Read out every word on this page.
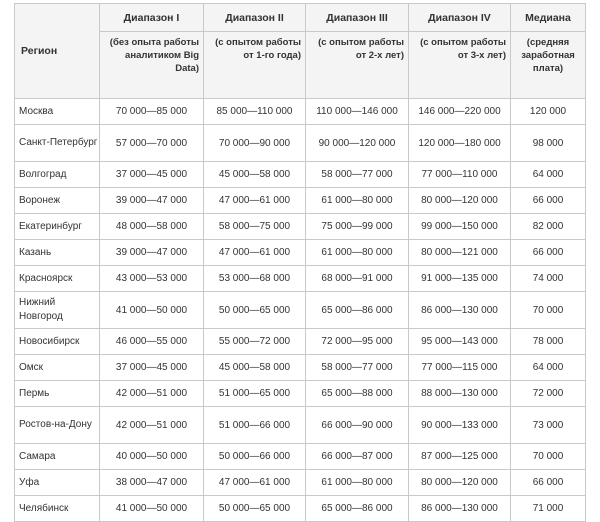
Регион	Диапазон I	Диапазон II	Диапазон III	Диапазон IV	Медиана
	(без опыта работы аналитиком Big Data)	(с опытом работы от 1-го года)	(с опытом работы от 2-х лет)	(с опытом работы от 3-х лет)	(средняя заработная плата)
Москва	70 000—85 000	85 000—110 000	110 000—146 000	146 000—220 000	120 000
Санкт-Петербург	57 000—70 000	70 000—90 000	90 000—120 000	120 000—180 000	98 000
Волгоград	37 000—45 000	45 000—58 000	58 000—77 000	77 000—110 000	64 000
Воронеж	39 000—47 000	47 000—61 000	61 000—80 000	80 000—120 000	66 000
Екатеринбург	48 000—58 000	58 000—75 000	75 000—99 000	99 000—150 000	82 000
Казань	39 000—47 000	47 000—61 000	61 000—80 000	80 000—121 000	66 000
Красноярск	43 000—53 000	53 000—68 000	68 000—91 000	91 000—135 000	74 000
Нижний Новгород	41 000—50 000	50 000—65 000	65 000—86 000	86 000—130 000	70 000
Новосибирск	46 000—55 000	55 000—72 000	72 000—95 000	95 000—143 000	78 000
Омск	37 000—45 000	45 000—58 000	58 000—77 000	77 000—115 000	64 000
Пермь	42 000—51 000	51 000—65 000	65 000—88 000	88 000—130 000	72 000
Ростов-на-Дону	42 000—51 000	51 000—66 000	66 000—90 000	90 000—133 000	73 000
Самара	40 000—50 000	50 000—66 000	66 000—87 000	87 000—125 000	70 000
Уфа	38 000—47 000	47 000—61 000	61 000—80 000	80 000—120 000	66 000
Челябинск	41 000—50 000	50 000—65 000	65 000—86 000	86 000—130 000	71 000
